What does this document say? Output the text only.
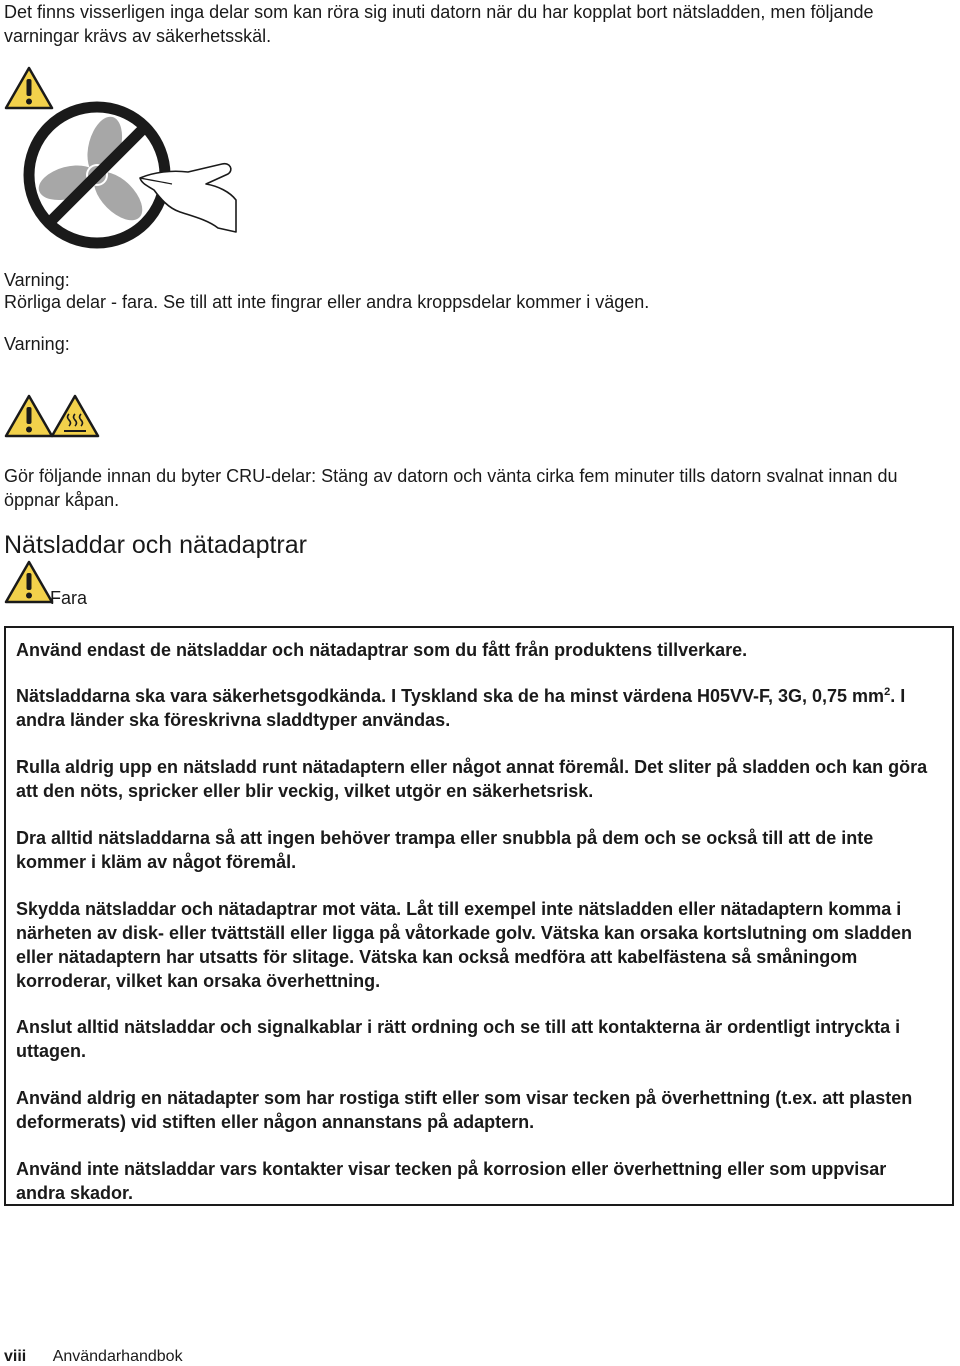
Det finns visserligen inga delar som kan röra sig inuti datorn när du har kopplat bort nätsladden, men följande varningar krävs av säkerhetsskäl.

Varning:

Rörliga delar - fara. Se till att inte fingrar eller andra kroppsdelar kommer i vägen.

Varning:

Gör följande innan du byter CRU-delar: Stäng av datorn och vänta cirka fem minuter tills datorn svalnat innan du öppnar kåpan.

Nätsladdar och nätadaptrar
Fara

Använd endast de nätsladdar och nätadaptrar som du fått från produktens tillverkare.

Nätsladdarna ska vara säkerhetsgodkända. I Tyskland ska de ha minst värdena H05VV-F, 3G, 0,75 $mm^2$. I andra länder ska föreskrivna sladdtyper användas.

Rulla aldrig upp en nätsladd runt nätadaptern eller något annat föremål. Det sliter på sladden och kan göra att den nöts, spricker eller blir veckig, vilket utgör en säkerhetsrisk.

Dra alltid nätsladdarna så att ingen behöver trampa eller snubbla på dem och se också till att de inte kommer i kläm av något föremål.

Skydda nätsladdar och nätadaptrar mot väta. Låt till exempel inte nätsladden eller nätadaptern komma i närheten av disk- eller tvättställ eller ligga på våtorkade golv. Vätska kan orsaka kortslutning om sladden eller nätadaptern har utsatts för slitage. Vätska kan också medföra att kabelfästena så småningom korroderar, vilket kan orsaka överhettning.

Anslut alltid nätsladdar och signalkablar i rätt ordning och se till att kontakterna är ordentligt intryckta i uttagen.

Använd aldrig en nätadapter som har rostiga stift eller som visar tecken på överhettning (t.ex. att plasten deformerats) vid stiften eller någon annanstans på adaptern.

Använd inte nätsladdar vars kontakter visar tecken på korrosion eller överhettning eller som uppvisar andra skador.

viii Användarhandbok
